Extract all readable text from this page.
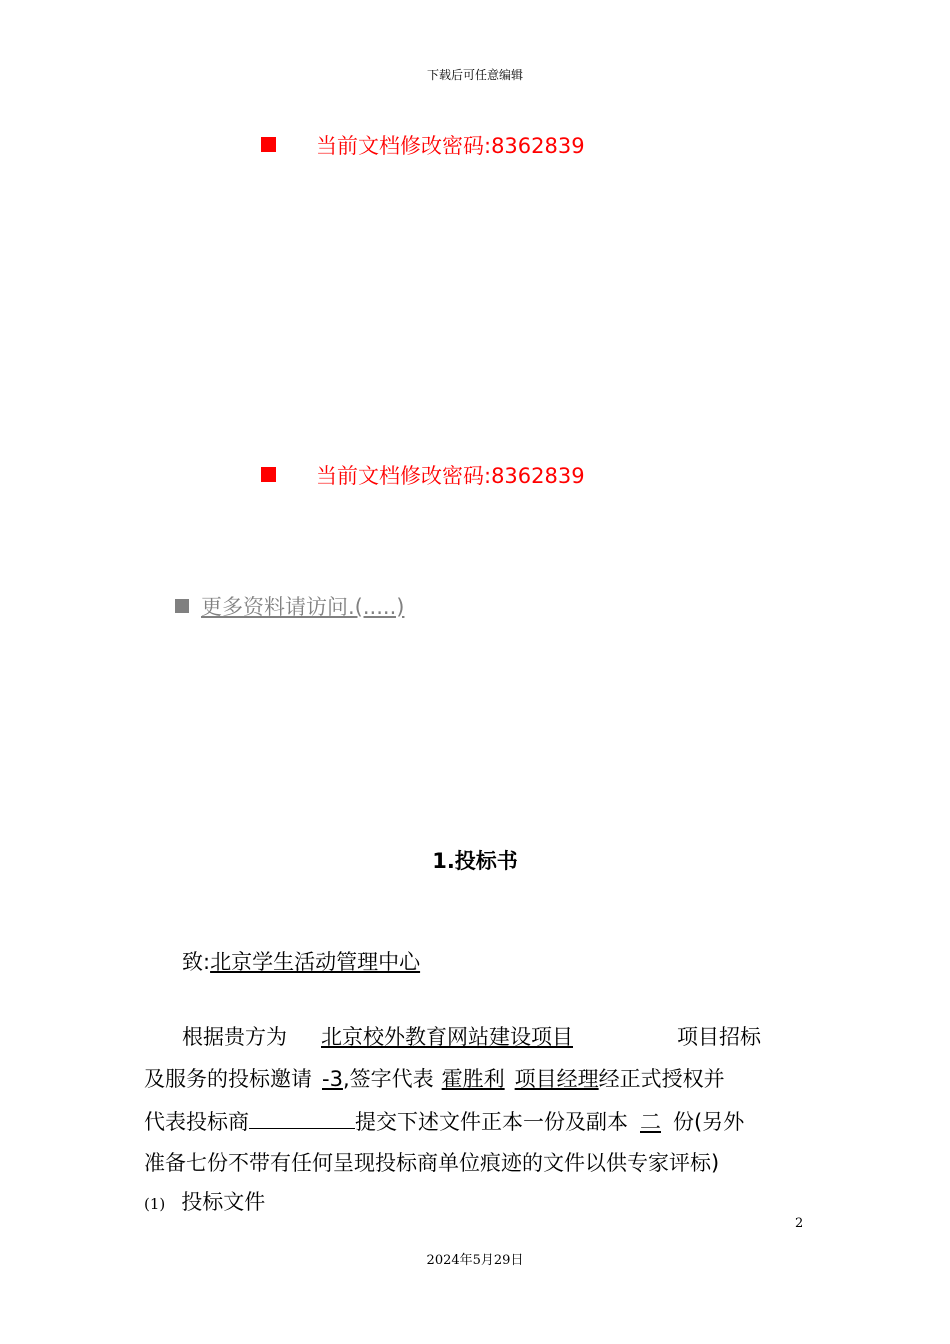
下载后可任意编辑
当前文档修改密码:8362839
当前文档修改密码:8362839
更多资料请访问.(.....)
1.投标书
致:北京学生活动管理中心
根据贵方为 北京校外教育网站建设项目	项目招标
及服务的投标邀请 -3,签字代表 霍胜利 项目经理经正式授权并
代表投标商	提交下述文件正本一份及副本 二 份(另外
准备七份不带有任何呈现投标商单位痕迹的文件以供专家评标)
(1) 投标文件
2
2024年5月29日
